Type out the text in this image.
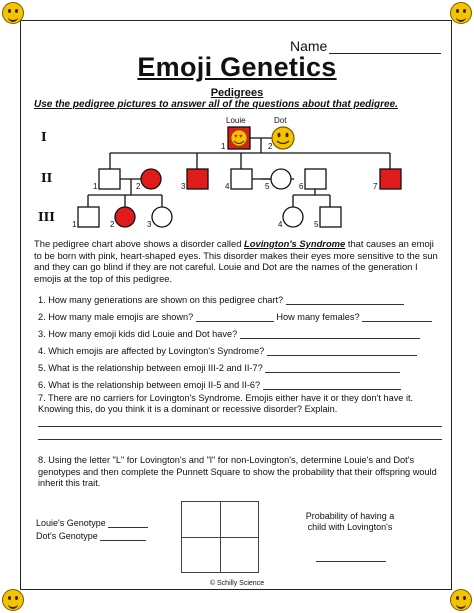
Name
Emoji Genetics
Pedigrees
Use the pedigree pictures to answer all of the questions about that pedigree.
I
II
III
♥ ♥
Louie	Dot
1	2
1	2	3	4	5	6	7
1	2	3	4	5
The pedigree chart above shows a disorder called Lovington's Syndrome that causes an emoji to be born with pink, heart-shaped eyes. This disorder makes their eyes more sensitive to the sun and they can go blind if they are not careful. Louie and Dot are the names of the generation I emojis at the top of this pedigree.
1. How many generations are shown on this pedigree chart?
2. How many male emojis are shown?	How many females?
3. How many emoji kids did Louie and Dot have?
4. Which emojis are affected by Lovington's Syndrome?
5. What is the relationship between emoji III-2 and II-7?
6. What is the relationship between emoji II-5 and II-6?
7. There are no carriers for Lovington's Syndrome. Emojis either have it or they don't have it. Knowing this, do you think it is a dominant or recessive disorder? Explain.
8. Using the letter "L" for Lovington's and "l" for non-Lovington's, determine Louie's and Dot's genotypes and then complete the Punnett Square to show the probability that their offspring would inherit this trait.
Louie's Genotype
Dot's Genotype
Probability of having a child with Lovington's
© Schilly Science
